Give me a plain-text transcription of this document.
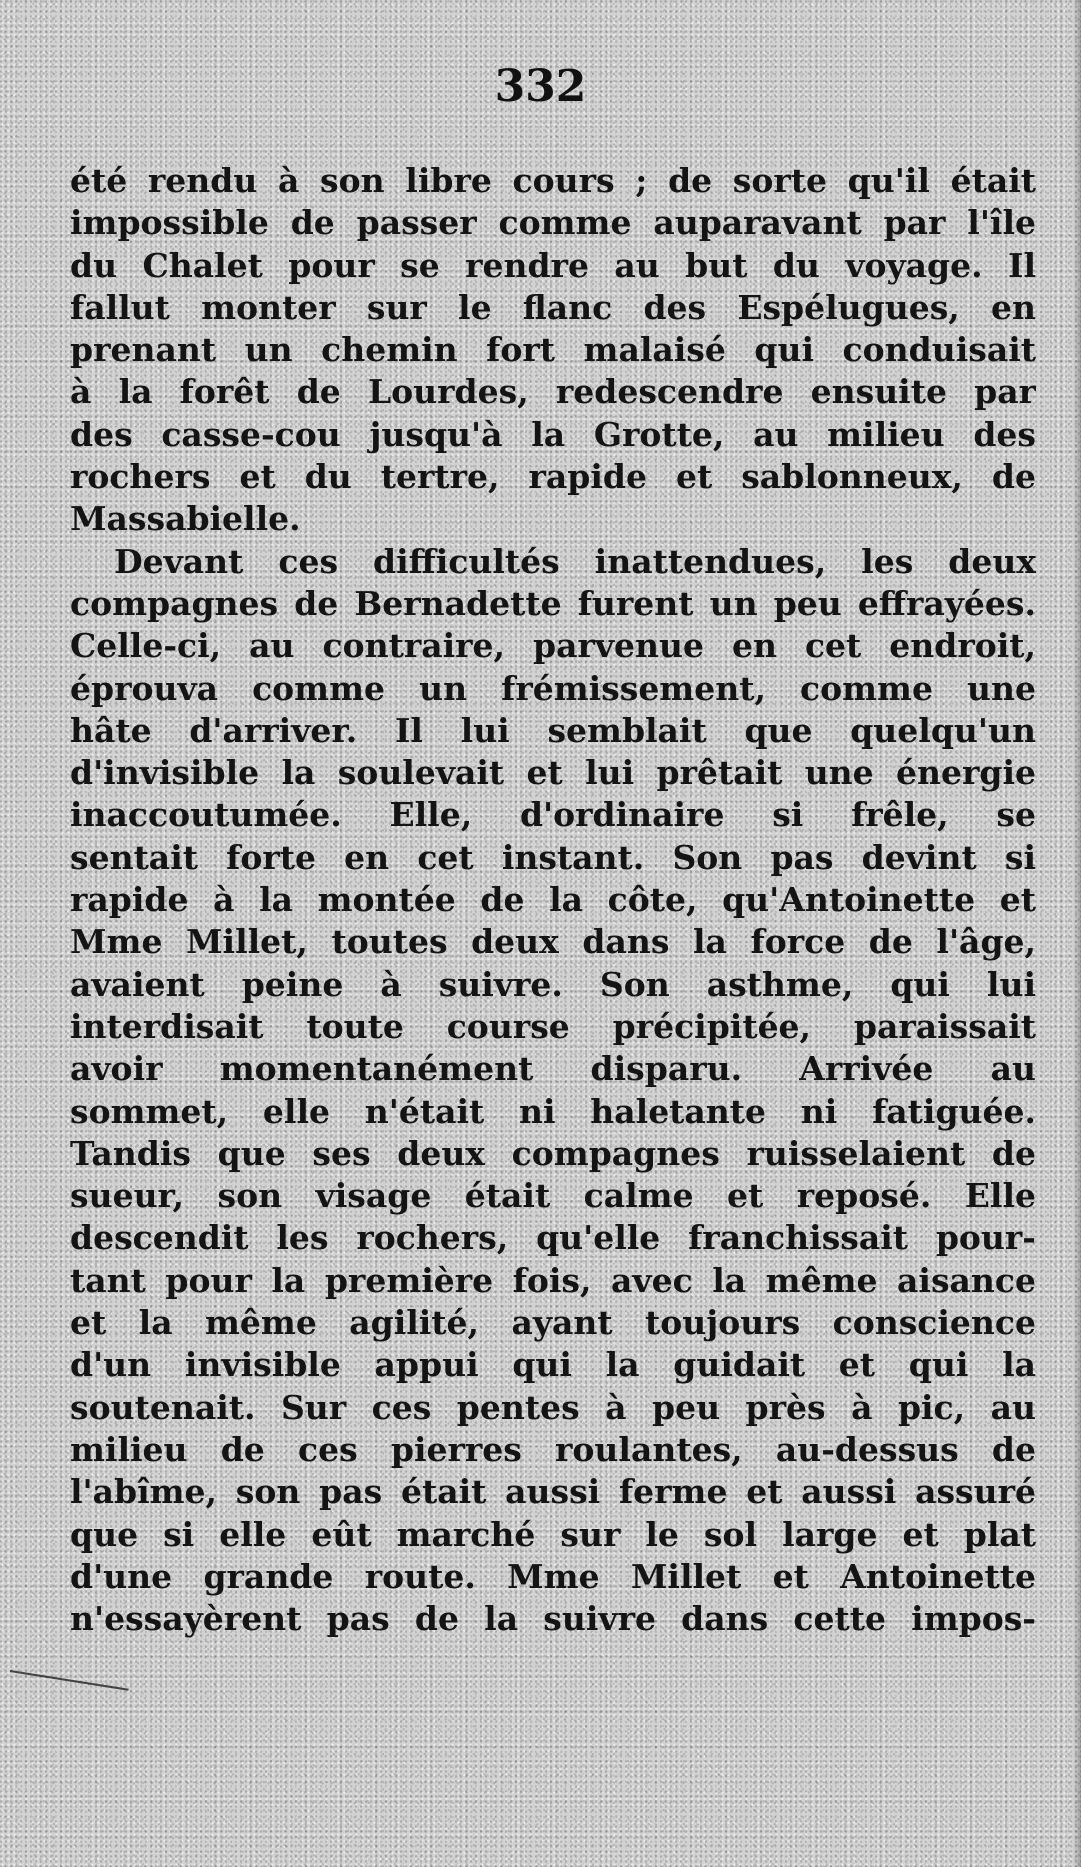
332
été rendu à son libre cours ; de sorte qu'il était
impossible de passer comme auparavant par l'île
du Chalet pour se rendre au but du voyage. Il
fallut monter sur le flanc des Espélugues, en
prenant un chemin fort malaisé qui conduisait
à la forêt de Lourdes, redescendre ensuite par
des casse-cou jusqu'à la Grotte, au milieu des
rochers et du tertre, rapide et sablonneux, de
Massabielle.
Devant ces difficultés inattendues, les deux
compagnes de Bernadette furent un peu effrayées.
Celle-ci, au contraire, parvenue en cet endroit,
éprouva comme un frémissement, comme une
hâte d'arriver. Il lui semblait que quelqu'un
d'invisible la soulevait et lui prêtait une énergie
inaccoutumée. Elle, d'ordinaire si frêle, se
sentait forte en cet instant. Son pas devint si
rapide à la montée de la côte, qu'Antoinette et
Mme Millet, toutes deux dans la force de l'âge,
avaient peine à suivre. Son asthme, qui lui
interdisait toute course précipitée, paraissait
avoir momentanément disparu. Arrivée au
sommet, elle n'était ni haletante ni fatiguée.
Tandis que ses deux compagnes ruisselaient de
sueur, son visage était calme et reposé. Elle
descendit les rochers, qu'elle franchissait pour-
tant pour la première fois, avec la même aisance
et la même agilité, ayant toujours conscience
d'un invisible appui qui la guidait et qui la
soutenait. Sur ces pentes à peu près à pic, au
milieu de ces pierres roulantes, au-dessus de
l'abîme, son pas était aussi ferme et aussi assuré
que si elle eût marché sur le sol large et plat
d'une grande route. Mme Millet et Antoinette
n'essayèrent pas de la suivre dans cette impos-
